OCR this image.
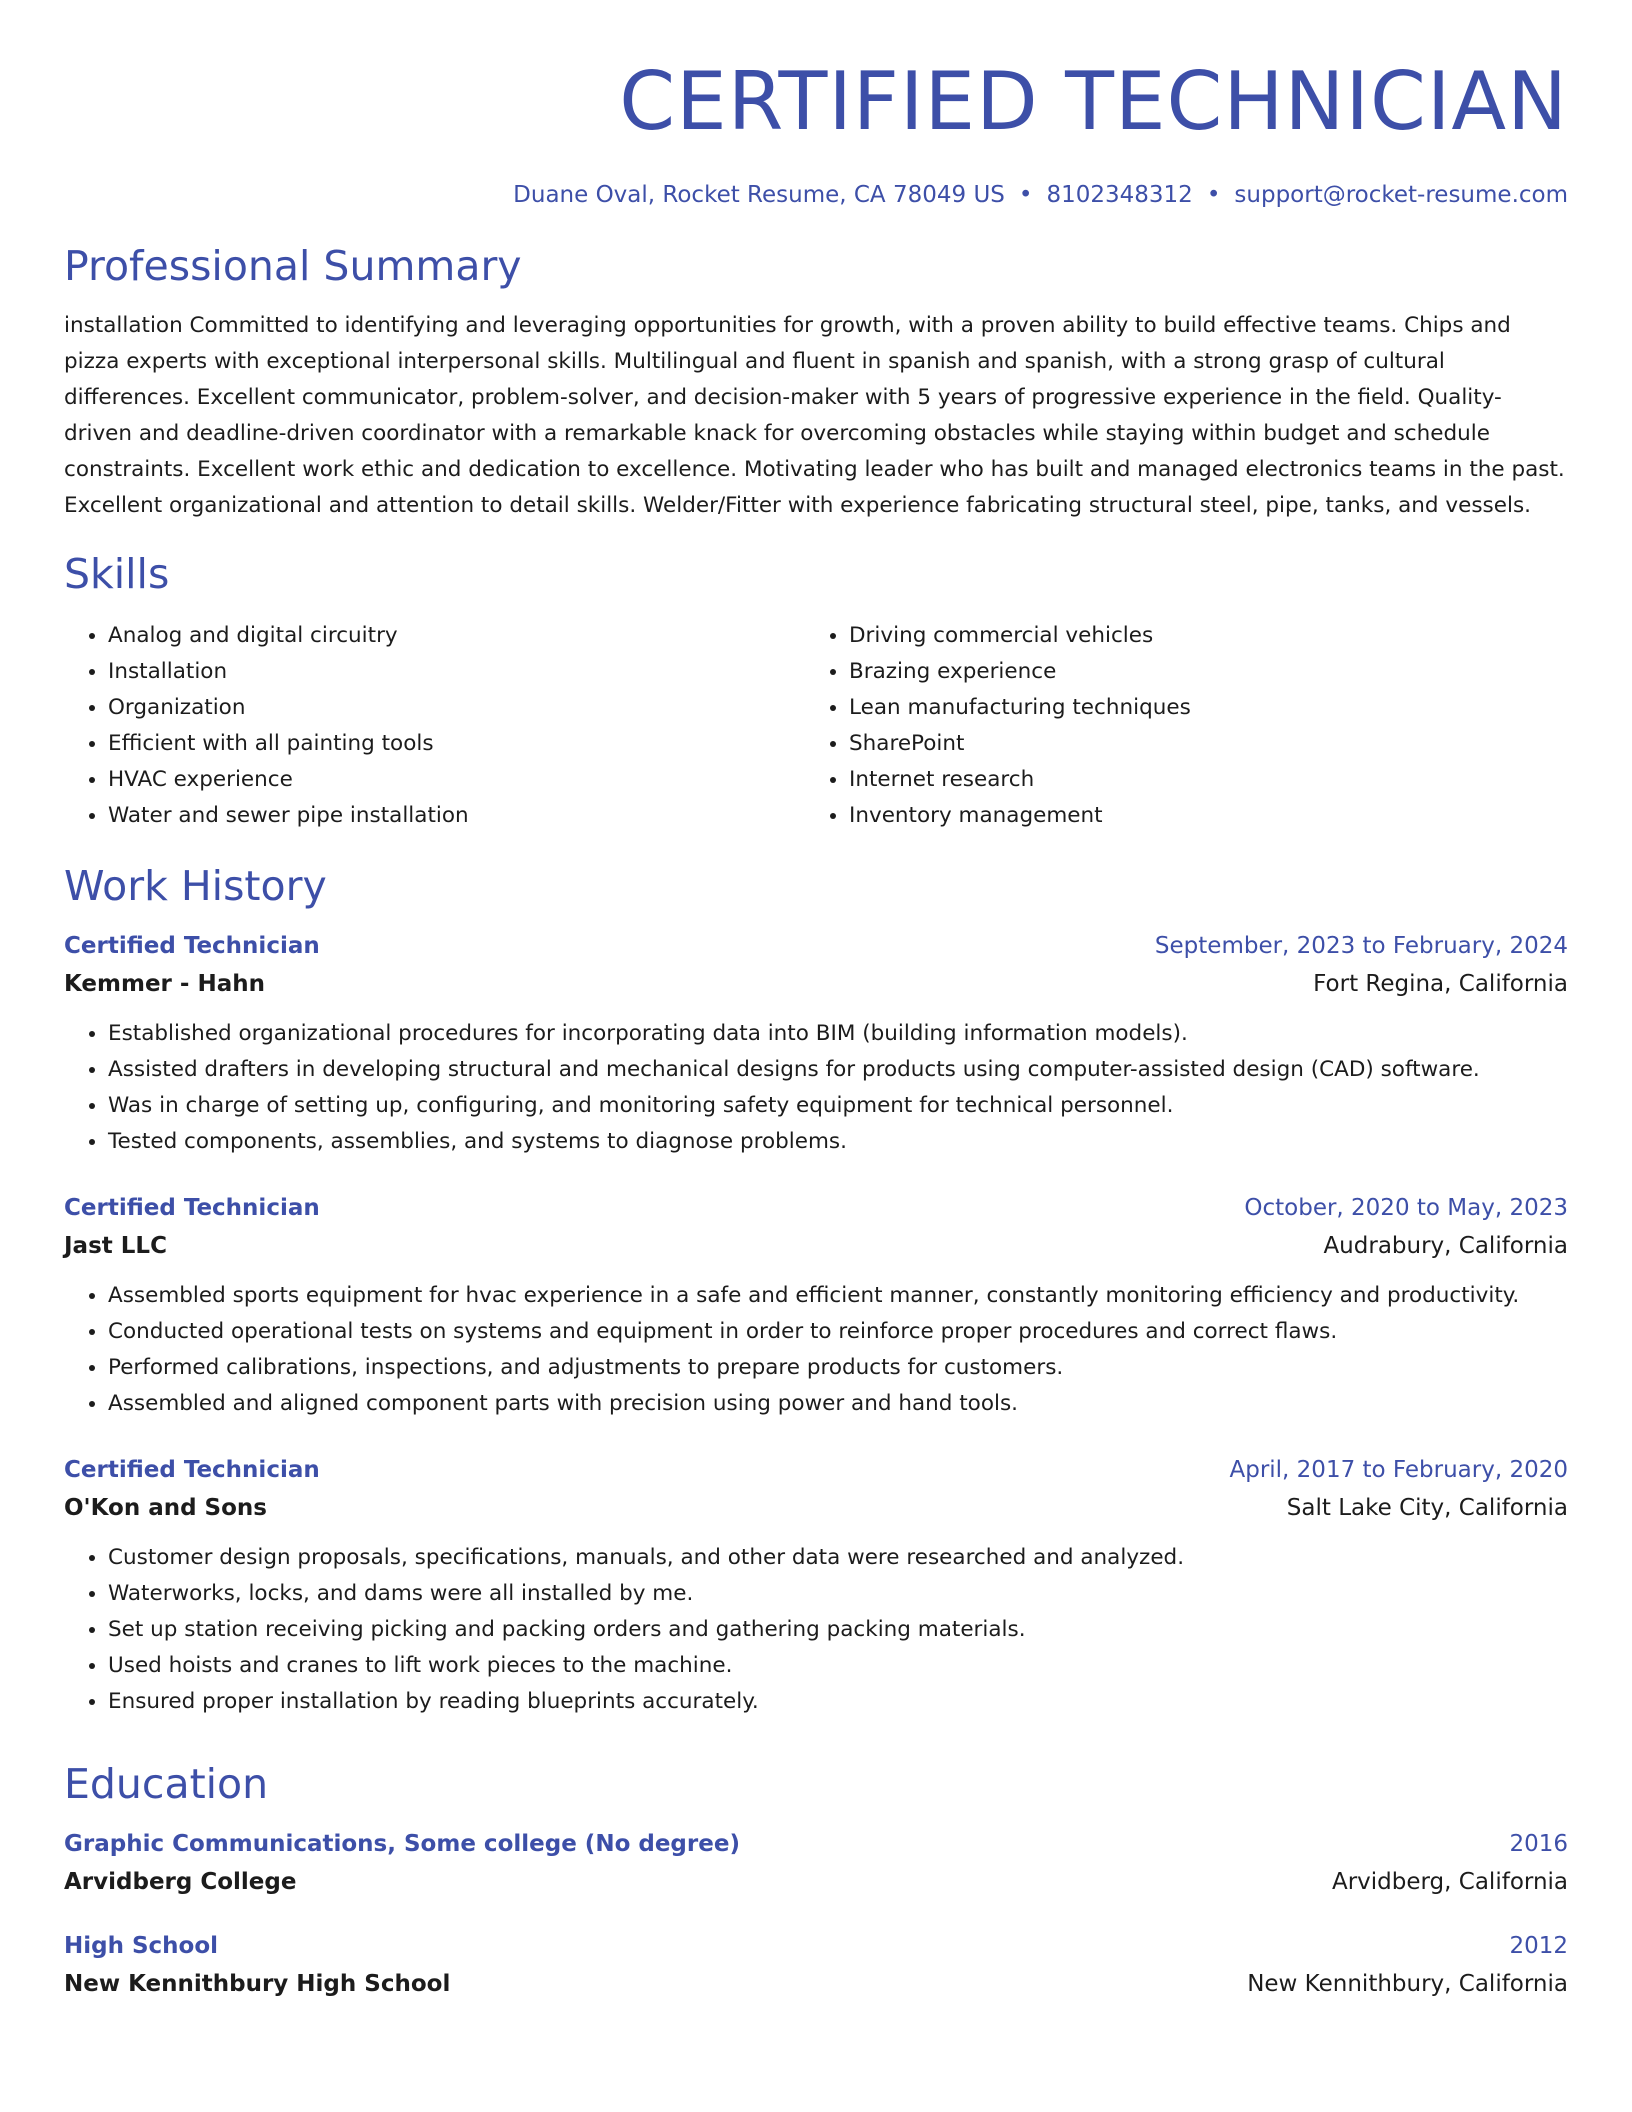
CERTIFIED TECHNICIAN
Duane Oval, Rocket Resume, CA 78049 US • 8102348312 • support@rocket-resume.com
Professional Summary
installation Committed to identifying and leveraging opportunities for growth, with a proven ability to build effective teams. Chips and pizza experts with exceptional interpersonal skills. Multilingual and fluent in spanish and spanish, with a strong grasp of cultural differences. Excellent communicator, problem-solver, and decision-maker with 5 years of progressive experience in the field. Quality-driven and deadline-driven coordinator with a remarkable knack for overcoming obstacles while staying within budget and schedule constraints. Excellent work ethic and dedication to excellence. Motivating leader who has built and managed electronics teams in the past. Excellent organizational and attention to detail skills. Welder/Fitter with experience fabricating structural steel, pipe, tanks, and vessels.
Skills
• Analog and digital circuitry
• Installation
• Organization
• Efficient with all painting tools
• HVAC experience
• Water and sewer pipe installation
• Driving commercial vehicles
• Brazing experience
• Lean manufacturing techniques
• SharePoint
• Internet research
• Inventory management
Work History
Certified Technician	September, 2023 to February, 2024
Kemmer - Hahn	Fort Regina, California
• Established organizational procedures for incorporating data into BIM (building information models).
• Assisted drafters in developing structural and mechanical designs for products using computer-assisted design (CAD) software.
• Was in charge of setting up, configuring, and monitoring safety equipment for technical personnel.
• Tested components, assemblies, and systems to diagnose problems.
Certified Technician	October, 2020 to May, 2023
Jast LLC	Audrabury, California
• Assembled sports equipment for hvac experience in a safe and efficient manner, constantly monitoring efficiency and productivity.
• Conducted operational tests on systems and equipment in order to reinforce proper procedures and correct flaws.
• Performed calibrations, inspections, and adjustments to prepare products for customers.
• Assembled and aligned component parts with precision using power and hand tools.
Certified Technician	April, 2017 to February, 2020
O'Kon and Sons	Salt Lake City, California
• Customer design proposals, specifications, manuals, and other data were researched and analyzed.
• Waterworks, locks, and dams were all installed by me.
• Set up station receiving picking and packing orders and gathering packing materials.
• Used hoists and cranes to lift work pieces to the machine.
• Ensured proper installation by reading blueprints accurately.
Education
Graphic Communications, Some college (No degree)	2016
Arvidberg College	Arvidberg, California
High School	2012
New Kennithbury High School	New Kennithbury, California
